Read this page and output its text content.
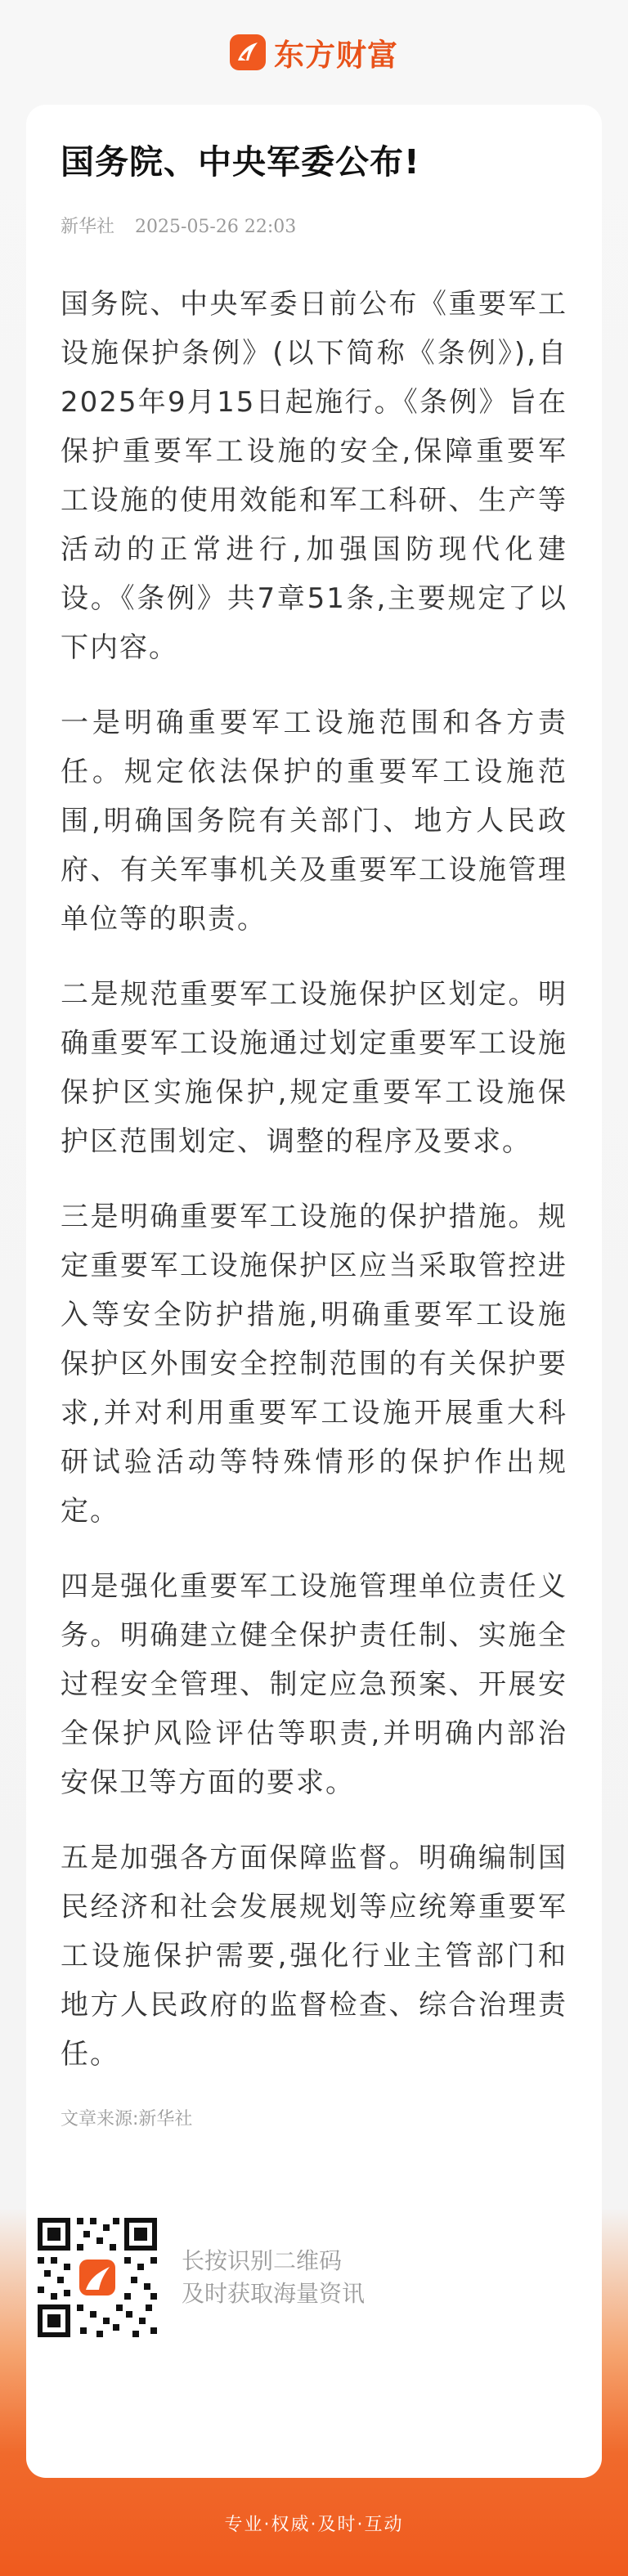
东方财富
国务院、中央军委公布!
新华社 2025-05-26 22:03

国务院、中央军委日前公布《重要军工设施保护条例》(以下简称《条例》),自2025年9月15日起施行。《条例》旨在保护重要军工设施的安全,保障重要军工设施的使用效能和军工科研、生产等活动的正常进行,加强国防现代化建设。《条例》共7章51条,主要规定了以下内容。

一是明确重要军工设施范围和各方责任。规定依法保护的重要军工设施范围,明确国务院有关部门、地方人民政府、有关军事机关及重要军工设施管理单位等的职责。

二是规范重要军工设施保护区划定。明确重要军工设施通过划定重要军工设施保护区实施保护,规定重要军工设施保护区范围划定、调整的程序及要求。

三是明确重要军工设施的保护措施。规定重要军工设施保护区应当采取管控进入等安全防护措施,明确重要军工设施保护区外围安全控制范围的有关保护要求,并对利用重要军工设施开展重大科研试验活动等特殊情形的保护作出规定。

四是强化重要军工设施管理单位责任义务。明确建立健全保护责任制、实施全过程安全管理、制定应急预案、开展安全保护风险评估等职责,并明确内部治安保卫等方面的要求。

五是加强各方面保障监督。明确编制国民经济和社会发展规划等应统筹重要军工设施保护需要,强化行业主管部门和地方人民政府的监督检查、综合治理责任。

文章来源:新华社
长按识别二维码
及时获取海量资讯
专业·权威·及时·互动
